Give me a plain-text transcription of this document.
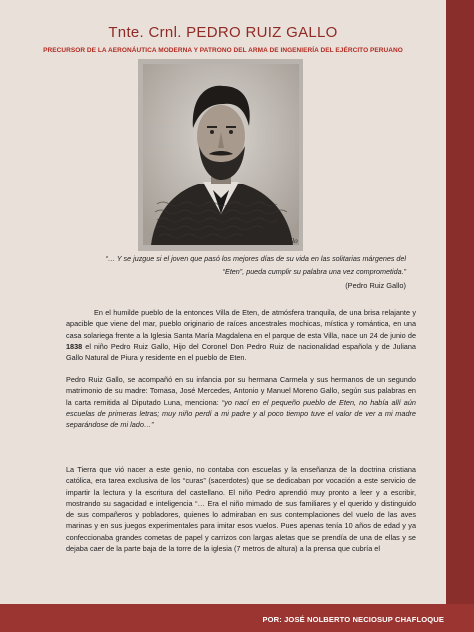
Tnte. Crnl. PEDRO RUIZ GALLO
PRECURSOR DE LA AERONÁUTICA MODERNA Y PATRONO DEL ARMA DE INGENIERÍA DEL EJÉRCITO PERUANO
Pedro Ruiz Gallo
“… Y se juzgue si el joven que pasó los mejores días de su vida en las solitarias márgenes del
“Eten”, pueda cumplir su palabra una vez comprometida.”
(Pedro Ruiz Gallo)
En el humilde pueblo de la entonces Villa de Eten, de atmósfera tranquila, de una brisa relajante y apacible que viene del mar, pueblo originario de raíces ancestrales mochicas, mística y romántica, en una casa solariega frente a la Iglesia Santa María Magdalena en el parque de esta Villa, nace un 24 de junio de 1838 el niño Pedro Ruiz Gallo, Hijo del Coronel Don Pedro Ruiz de nacionalidad española y de Juliana Gallo Natural de Piura y residente en el pueblo de Eten.
Pedro Ruiz Gallo, se acompañó en su infancia por su hermana Carmela y sus hermanos de un segundo matrimonio de su madre: Tomasa, José Mercedes, Antonio y Manuel Moreno Gallo, según sus palabras en la carta remitida al Diputado Luna, menciona: “yo nací en el pequeño pueblo de Eten, no había allí aún escuelas de primeras letras; muy niño perdí a mi padre y al poco tiempo tuve el valor de ver a mi madre separándose de mi lado…”
La Tierra que vió nacer a este genio, no contaba con escuelas y la enseñanza de la doctrina cristiana católica, era tarea exclusiva de los “curas” (sacerdotes) que se dedicaban por vocación a este servicio de impartir la lectura y la escritura del castellano. El niño Pedro aprendió muy pronto a leer y a escribir, mostrando su sagacidad e inteligencia “… Era el niño mimado de sus familiares y el querido y distinguido de sus compañeros y pobladores, quienes lo admiraban en sus contemplaciones del vuelo de las aves marinas y en sus juegos experimentales para imitar esos vuelos. Pues apenas tenía 10 años de edad y ya confeccionaba grandes cometas de papel y carrizos con largas aletas que se prendía de una de ellas y se dejaba caer de la parte baja de la torre de la iglesia (7 metros de altura) a la prensa que cubría el
POR: JOSÉ NOLBERTO NECIOSUP CHAFLOQUE
